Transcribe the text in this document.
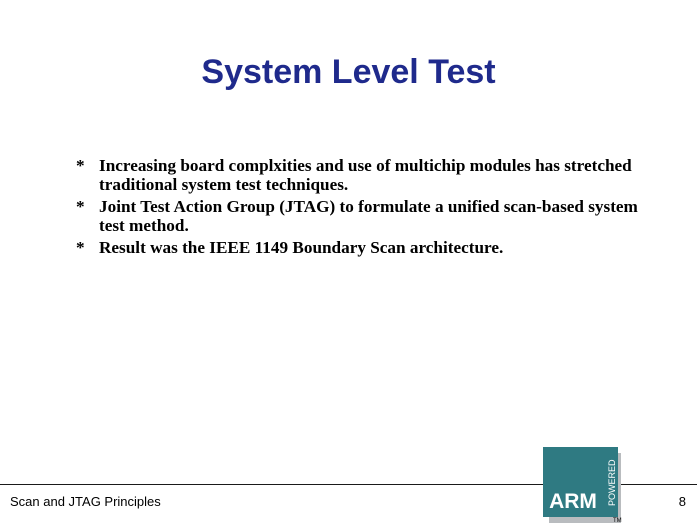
System Level Test
* Increasing board complxities and use of multichip modules has stretched traditional system test techniques.
* Joint Test Action Group (JTAG) to formulate a unified scan-based system test method.
* Result was the IEEE 1149 Boundary Scan architecture.
Scan and JTAG Principles	8
ARM POWERED
TM
